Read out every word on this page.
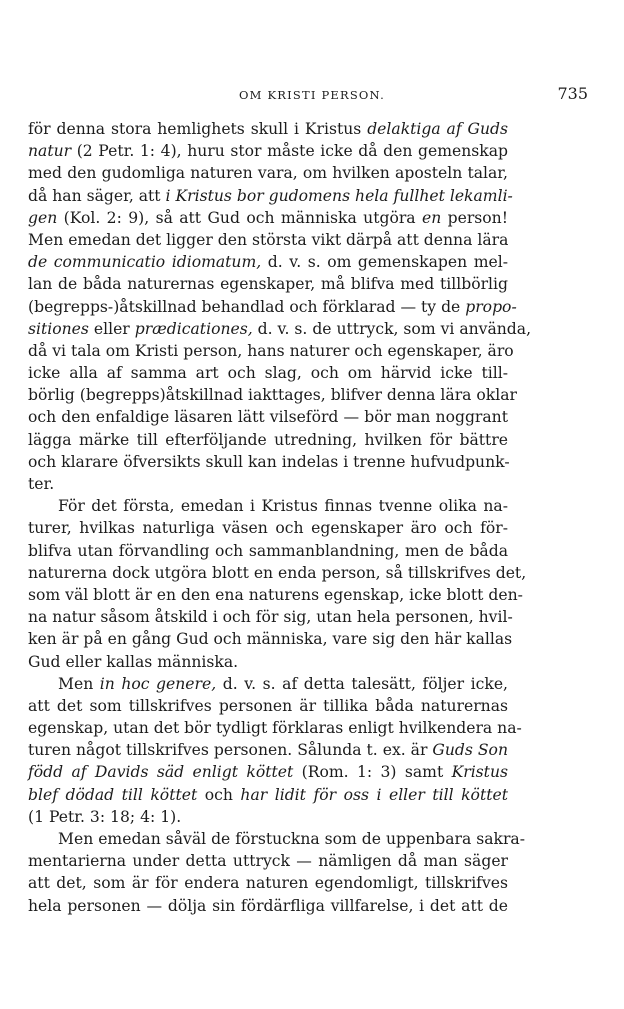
OM KRISTI PERSON.	735
för denna stora hemlighets skull i Kristus delaktiga af Guds
natur (2 Petr. 1: 4), huru stor måste icke då den gemenskap
med den gudomliga naturen vara, om hvilken aposteln talar,
då han säger, att i Kristus bor gudomens hela fullhet lekamli-
gen (Kol. 2: 9), så att Gud och människa utgöra en person!
Men emedan det ligger den största vikt därpå att denna lära
de communicatio idiomatum, d. v. s. om gemenskapen mel-
lan de båda naturernas egenskaper, må blifva med tillbörlig
(begrepps-)åtskillnad behandlad och förklarad — ty de propo-
sitiones eller prædicationes, d. v. s. de uttryck, som vi använda,
då vi tala om Kristi person, hans naturer och egenskaper, äro
icke alla af samma art och slag, och om härvid icke till-
börlig (begrepps)åtskillnad iakttages, blifver denna lära oklar
och den enfaldige läsaren lätt vilseförd — bör man noggrant
lägga märke till efterföljande utredning, hvilken för bättre
och klarare öfversikts skull kan indelas i trenne hufvudpunk-
ter.
För det första, emedan i Kristus finnas tvenne olika na-
turer, hvilkas naturliga väsen och egenskaper äro och för-
blifva utan förvandling och sammanblandning, men de båda
naturerna dock utgöra blott en enda person, så tillskrifves det,
som väl blott är en den ena naturens egenskap, icke blott den-
na natur såsom åtskild i och för sig, utan hela personen, hvil-
ken är på en gång Gud och människa, vare sig den här kallas
Gud eller kallas människa.
Men in hoc genere, d. v. s. af detta talesätt, följer icke,
att det som tillskrifves personen är tillika båda naturernas
egenskap, utan det bör tydligt förklaras enligt hvilkendera na-
turen något tillskrifves personen. Sålunda t. ex. är Guds Son
född af Davids säd enligt köttet (Rom. 1: 3) samt Kristus
blef dödad till köttet och har lidit för oss i eller till köttet
(1 Petr. 3: 18; 4: 1).
Men emedan såväl de förstuckna som de uppenbara sakra-
mentarierna under detta uttryck — nämligen då man säger
att det, som är för endera naturen egendomligt, tillskrifves
hela personen — dölja sin fördärfliga villfarelse, i det att de
